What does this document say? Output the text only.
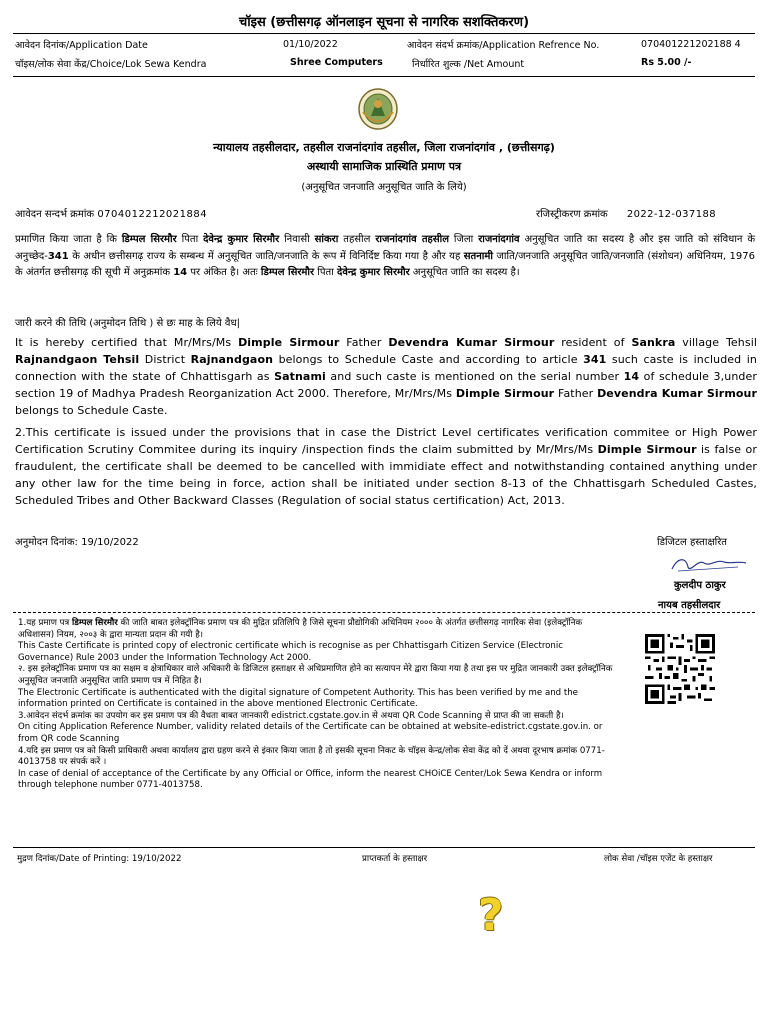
चॉइस (छत्तीसगढ़ ऑनलाइन सूचना से नागरिक सशक्तिकरण)
आवेदन दिनांक/Application Date	01/10/2022	आवेदन संदर्भ क्रमांक/Application Refrence No.	070401221202188 4
चॉइस/लोक सेवा केंद्र/Choice/Lok Sewa Kendra	Shree Computers	निर्धारित शुल्क /Net Amount	Rs 5.00 /-
न्यायालय तहसीलदार, तहसील राजनांदगांव तहसील, जिला राजनांदगांव , (छत्तीसगढ़)
अस्थायी सामाजिक प्रास्थिति प्रमाण पत्र
(अनुसूचित जनजाति अनुसूचित जाति के लिये)
आवेदन सन्दर्भ क्रमांक 0704012212021884	रजिस्ट्रीकरण क्रमांक 2022-12-037188
प्रमाणित किया जाता है कि डिम्पल सिरमौर पिता देवेन्द्र कुमार सिरमौर निवासी सांकरा तहसील राजनांदगांव तहसील जिला राजनांदगांव अनुसूचित जाति का सदस्य है और इस जाति को संविधान के अनुच्छेद-341 के अधीन छत्तीसगढ़ राज्य के सम्बन्ध में अनुसूचित जाति/जनजाति के रूप में विनिर्दिष्ट किया गया है और यह सतनामी जाति/जनजाति अनुसूचित जाति/जनजाति (संशोधन) अधिनियम, 1976 के अंतर्गत छत्तीसगढ़ की सूची में अनुक्रमांक 14 पर अंकित है। अतः डिम्पल सिरमौर पिता देवेन्द्र कुमार सिरमौर अनुसूचित जाति का सदस्य है।
जारी करने की तिथि (अनुमोदन तिथि ) से छः माह के लिये वैध|
It is hereby certified that Mr/Mrs/Ms Dimple Sirmour Father Devendra Kumar Sirmour resident of Sankra village Tehsil Rajnandgaon Tehsil District Rajnandgaon belongs to Schedule Caste and according to article 341 such caste is included in connection with the state of Chhattisgarh as Satnami and such caste is mentioned on the serial number 14 of schedule 3,under section 19 of Madhya Pradesh Reorganization Act 2000. Therefore, Mr/Mrs/Ms Dimple Sirmour Father Devendra Kumar Sirmour belongs to Schedule Caste.
2.This certificate is issued under the provisions that in case the District Level certificates verification commitee or High Power Certification Scrutiny Commitee during its inquiry /inspection finds the claim submitted by Mr/Mrs/Ms Dimple Sirmour is false or fraudulent, the certificate shall be deemed to be cancelled with immidiate effect and notwithstanding contained anything under any other law for the time being in force, action shall be initiated under section 8-13 of the Chhattisgarh Scheduled Castes, Scheduled Tribes and Other Backward Classes (Regulation of social status certification) Act, 2013.
अनुमोदन दिनांक: 19/10/2022	डिजिटल हस्ताक्षरित
कुलदीप ठाकुर
नायब तहसीलदार
1.यह प्रमाण पत्र डिम्पल सिरमौर की जाति बाबत इलेक्ट्रॉनिक प्रमाण पत्र की मुद्रित प्रतिलिपि है जिसे सूचना प्रौद्योगिकी अधिनियम २००० के अंतर्गत छत्तीसगढ़ नागरिक सेवा (इलेक्ट्रॉनिक अधिशासन) नियम, २००३ के द्वारा मान्यता प्रदान की गयी है।
This Caste Certificate is printed copy of electronic certificate which is recognise as per Chhattisgarh Citizen Service (Electronic Governance) Rule 2003 under the Information Technology Act 2000.
२. इस इलेक्ट्रॉनिक प्रमाण पत्र का सक्षम व क्षेत्राधिकार वाले अधिकारी के डिजिटल हस्ताक्षर से अधिप्रमाणित होने का सत्यापन मेरे द्वारा किया गया है तथा इस पर मुद्रित जानकारी उक्त इलेक्ट्रॉनिक अनुसूचित जनजाति अनुसूचित जाति प्रमाण पत्र में निहित है।
The Electronic Certificate is authenticated with the digital signature of Competent Authority. This has been verified by me and the information printed on Certificate is contained in the above mentioned Electronic Certificate.
3.आवेदन संदर्भ क्रमांक का उपयोग कर इस प्रमाण पत्र की वैधता बाबत जानकारी edistrict.cgstate.gov.in से अथवा QR Code Scanning से प्राप्त की जा सकती है।
On citing Application Reference Number, validity related details of the Certificate can be obtained at website-edistrict.cgstate.gov.in. or from QR code Scanning
4.यदि इस प्रमाण पत्र को किसी प्राधिकारी अथवा कार्यालय द्वारा ग्रहण करने से इंकार किया जाता है तो इसकी सूचना निकट के चॉइस केन्द्र/लोक सेवा केंद्र को दें अथवा दूरभाष क्रमांक 0771-4013758 पर संपर्क करें ।
In case of denial of acceptance of the Certificate by any Official or Office, inform the nearest CHOiCE Center/Lok Sewa Kendra or inform through telephone number 0771-4013758.
मुद्रण दिनांक/Date of Printing: 19/10/2022	प्राप्तकर्ता के हस्ताक्षर	लोक सेवा /चॉइस एजेंट के हस्ताक्षर
?
